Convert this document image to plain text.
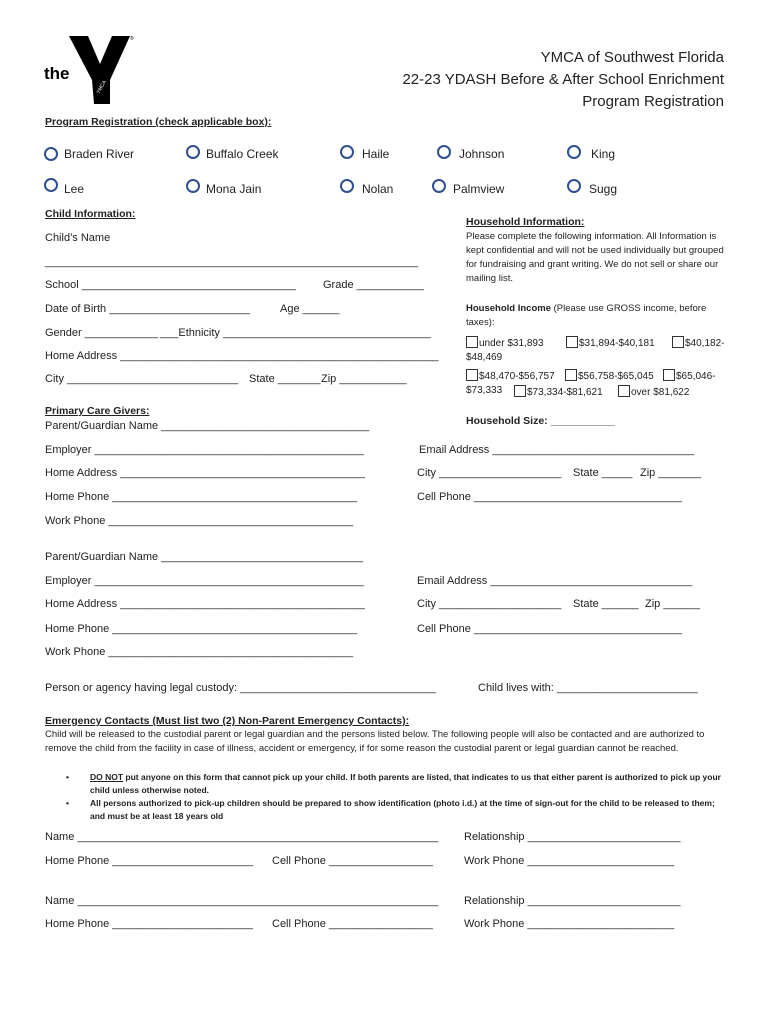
the
®
YMCA
YMCA of Southwest Florida
22-23 YDASH Before & After School Enrichment
Program Registration
Program Registration (check applicable box):
Braden River	Buffalo Creek	Haile	Johnson	King
Lee	Mona Jain	Nolan	Palmview	Sugg
Child Information:
Child’s Name
_____________________________________________________________
School ___________________________________ Grade ___________
Date of Birth _______________________	Age ______
Gender ____________ ___Ethnicity __________________________________
Home Address ____________________________________________________
City ____________________________ State _______ Zip ___________
Household Information:
Please complete the following information. All Information is kept confidential and will not be used individually but grouped for fundraising and grant writing. We do not sell or share our mailing list.
Household Income (Please use GROSS income, before taxes):
under $31,893	$31,894-$40,181	$40,182-
$48,469
$48,470-$56,757	$56,758-$65,045	$65,046-
$73,333	$73,334-$81,621	over $81,622
Household Size: ___________
Primary Care Givers:
Parent/Guardian Name __________________________________
Employer ____________________________________________	Email Address _________________________________
Home Address ________________________________________	City ____________________ State _____ Zip _______
Home Phone ________________________________________	Cell Phone __________________________________
Work Phone ________________________________________
Parent/Guardian Name _________________________________
Employer ____________________________________________	Email Address _________________________________
Home Address ________________________________________	City ____________________ State ______ Zip ______
Home Phone ________________________________________	Cell Phone __________________________________
Work Phone ________________________________________
Person or agency having legal custody: ________________________________	Child lives with: _______________________
Emergency Contacts (Must list two (2) Non-Parent Emergency Contacts):
Child will be released to the custodial parent or legal guardian and the persons listed below. The following people will also be contacted and are authorized to remove the child from the facility in case of illness, accident or emergency, if for some reason the custodial parent or legal guardian cannot be reached.
• DO NOT put anyone on this form that cannot pick up your child. If both parents are listed, that indicates to us that either parent is authorized to pick up your child unless otherwise noted.
• All persons authorized to pick-up children should be prepared to show identification (photo i.d.) at the time of sign-out for the child to be released to them; and must be at least 18 years old
Name ___________________________________________________________ Relationship _________________________
Home Phone _______________________ Cell Phone _________________	Work Phone ________________________
Name ___________________________________________________________ Relationship _________________________
Home Phone _______________________ Cell Phone _________________	Work Phone ________________________
